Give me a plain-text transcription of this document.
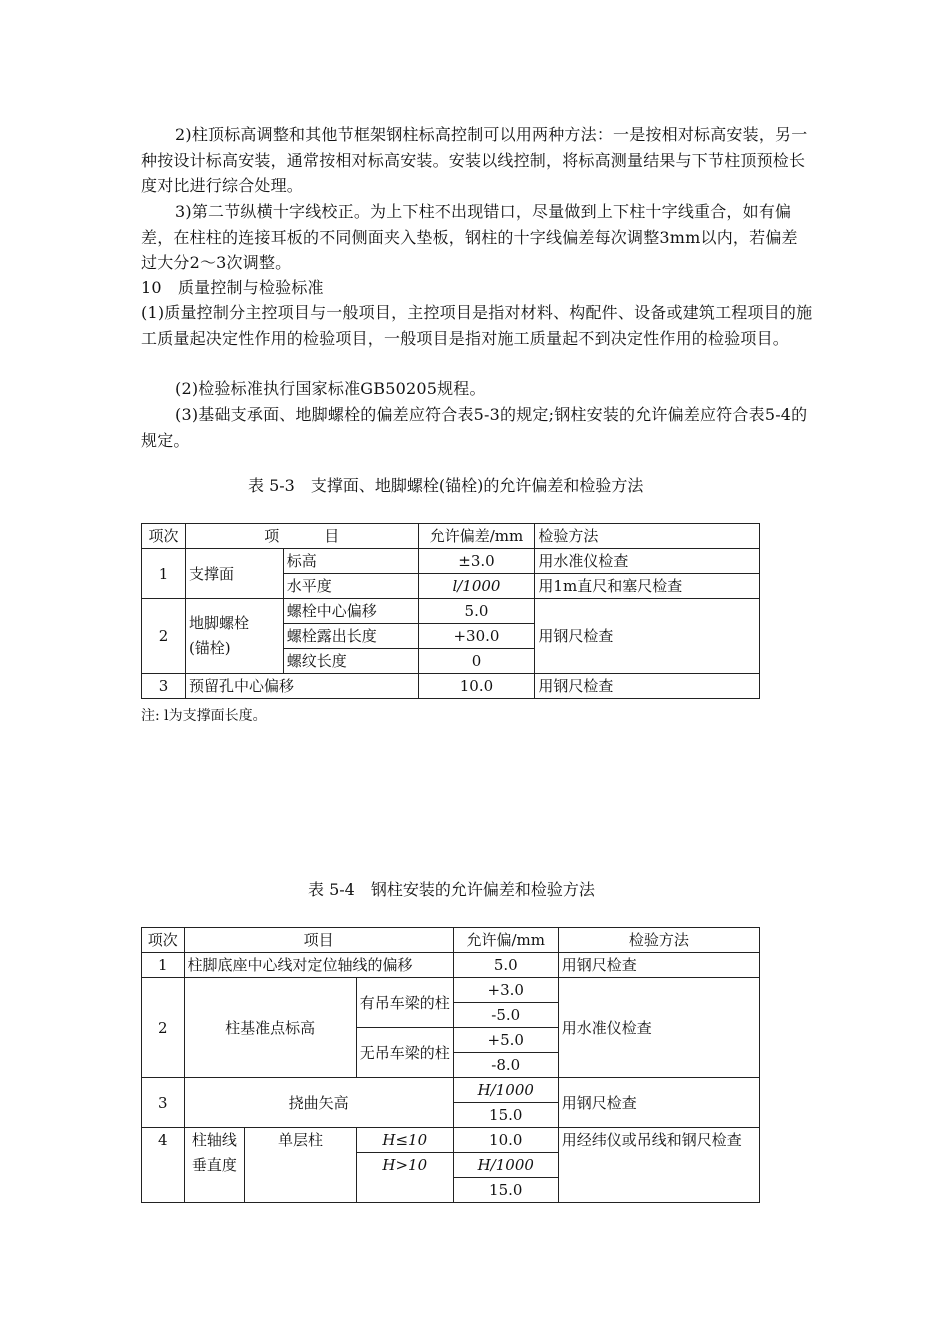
2)柱顶标高调整和其他节框架钢柱标高控制可以用两种方法：一是按相对标高安装，另一种按设计标高安装，通常按相对标高安装。安装以线控制，将标高测量结果与下节柱顶预检长度对比进行综合处理。

3)第二节纵横十字线校正。为上下柱不出现错口，尽量做到上下柱十字线重合，如有偏差，在柱柱的连接耳板的不同侧面夹入垫板，钢柱的十字线偏差每次调整3mm以内，若偏差过大分2～3次调整。

10　质量控制与检验标准

(1)质量控制分主控项目与一般项目，主控项目是指对材料、构配件、设备或建筑工程项目的施工质量起决定性作用的检验项目，一般项目是指对施工质量起不到决定性作用的检验项目。

(2)检验标准执行国家标准GB50205规程。

(3)基础支承面、地脚螺栓的偏差应符合表5-3的规定;钢柱安装的允许偏差应符合表5-4的规定。

表 5-3　支撑面、地脚螺栓(锚栓)的允许偏差和检验方法
项次	项　　　目		允许偏差/mm	检验方法
1	支撑面	标高	±3.0	用水准仪检查
		水平度	l/1000	用1m直尺和塞尺检查
2	地脚螺栓
(锚栓)	螺栓中心偏移	5.0	用钢尺检查
		螺栓露出长度	+30.0	
		螺纹长度	0	
3	预留孔中心偏移		10.0	用钢尺检查
注: l为支撑面长度。
表 5-4　钢柱安装的允许偏差和检验方法
项次	项目			允许偏/mm	检验方法
1	柱脚底座中心线对定位轴线的偏移			5.0	用钢尺检查
2	柱基准点标高		有吊车梁的柱	+3.0	用水准仪检查
				-5.0	
			无吊车梁的柱	+5.0	
				-8.0	
3	挠曲矢高			H/1000	用钢尺检查
				15.0	
4	柱轴线
垂直度	单层柱	H≤10	10.0	用经纬仪或吊线和钢尺检查
			H>10	H/1000	
				15.0	
